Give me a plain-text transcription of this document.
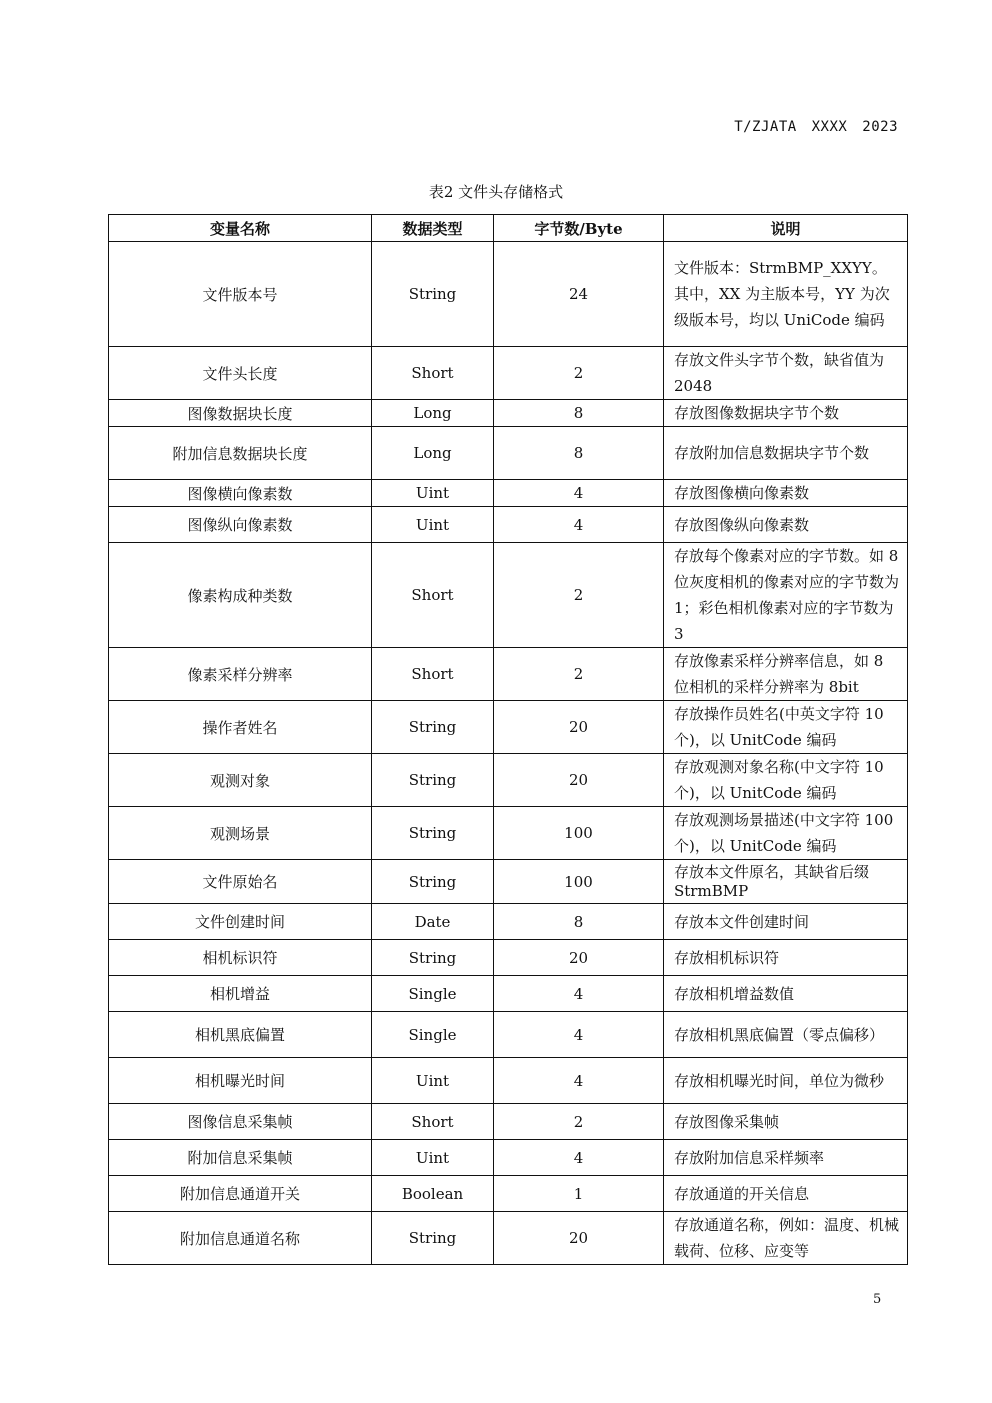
T/ZJATA XXXX 2023
表2 文件头存储格式
变量名称	数据类型	字节数/Byte	说明
文件版本号	String	24	文件版本：StrmBMP_XXYY。其中，XX 为主版本号，YY 为次级版本号，均以 UniCode 编码
文件头长度	Short	2	存放文件头字节个数，缺省值为 2048
图像数据块长度	Long	8	存放图像数据块字节个数
附加信息数据块长度	Long	8	存放附加信息数据块字节个数
图像横向像素数	Uint	4	存放图像横向像素数
图像纵向像素数	Uint	4	存放图像纵向像素数
像素构成种类数	Short	2	存放每个像素对应的字节数。如 8 位灰度相机的像素对应的字节数为 1；彩色相机像素对应的字节数为 3
像素采样分辨率	Short	2	存放像素采样分辨率信息，如 8 位相机的采样分辨率为 8bit
操作者姓名	String	20	存放操作员姓名(中英文字符 10 个)，以 UnitCode 编码
观测对象	String	20	存放观测对象名称(中文字符 10 个)，以 UnitCode 编码
观测场景	String	100	存放观测场景描述(中文字符 100 个)，以 UnitCode 编码
文件原始名	String	100	存放本文件原名，其缺省后缀 StrmBMP
文件创建时间	Date	8	存放本文件创建时间
相机标识符	String	20	存放相机标识符
相机增益	Single	4	存放相机增益数值
相机黑底偏置	Single	4	存放相机黑底偏置（零点偏移）
相机曝光时间	Uint	4	存放相机曝光时间，单位为微秒
图像信息采集帧	Short	2	存放图像采集帧
附加信息采集帧	Uint	4	存放附加信息采样频率
附加信息通道开关	Boolean	1	存放通道的开关信息
附加信息通道名称	String	20	存放通道名称，例如：温度、机械载荷、位移、应变等
5
